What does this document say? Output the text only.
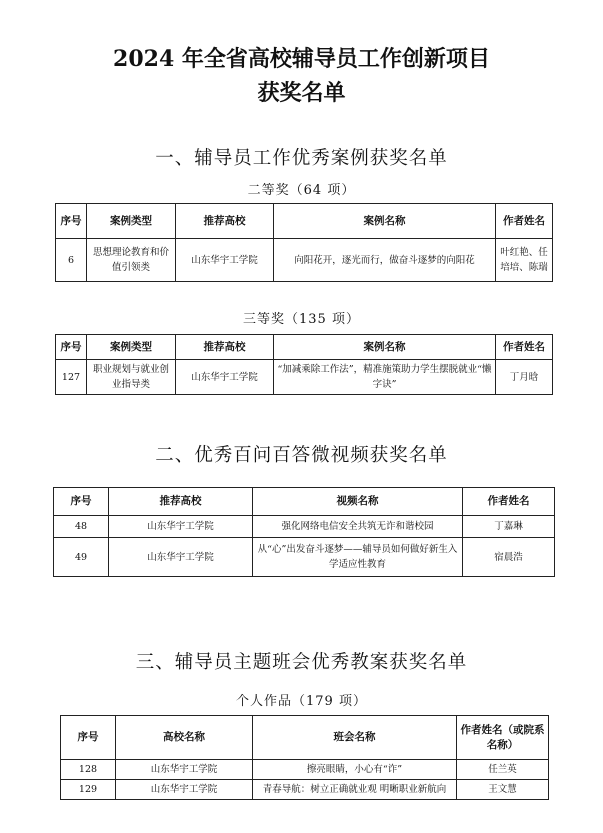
2024 年全省高校辅导员工作创新项目
获奖名单
一、辅导员工作优秀案例获奖名单
二等奖（64 项）
序号	案例类型	推荐高校	案例名称	作者姓名
6	思想理论教育和价值引领类	山东华宇工学院	向阳花开，逐光而行，做奋斗逐梦的向阳花	叶红艳、任培培、陈瑞
三等奖（135 项）
序号	案例类型	推荐高校	案例名称	作者姓名
127	职业规划与就业创业指导类	山东华宇工学院	“加减乘除工作法”，精准施策助力学生摆脱就业“懒字诀”	丁月晗
二、优秀百问百答微视频获奖名单
序号	推荐高校	视频名称	作者姓名
48	山东华宇工学院	强化网络电信安全共筑无诈和谐校园	丁嘉琳
49	山东华宇工学院	从“心”出发奋斗逐梦——辅导员如何做好新生入学适应性教育	宿晨浩
三、辅导员主题班会优秀教案获奖名单
个人作品（179 项）
序号	高校名称	班会名称	作者姓名（或院系名称）
128	山东华宇工学院	擦亮眼睛，小心有“诈”	任兰英
129	山东华宇工学院	青春导航：树立正确就业观 明晰职业新航向	王文慧
